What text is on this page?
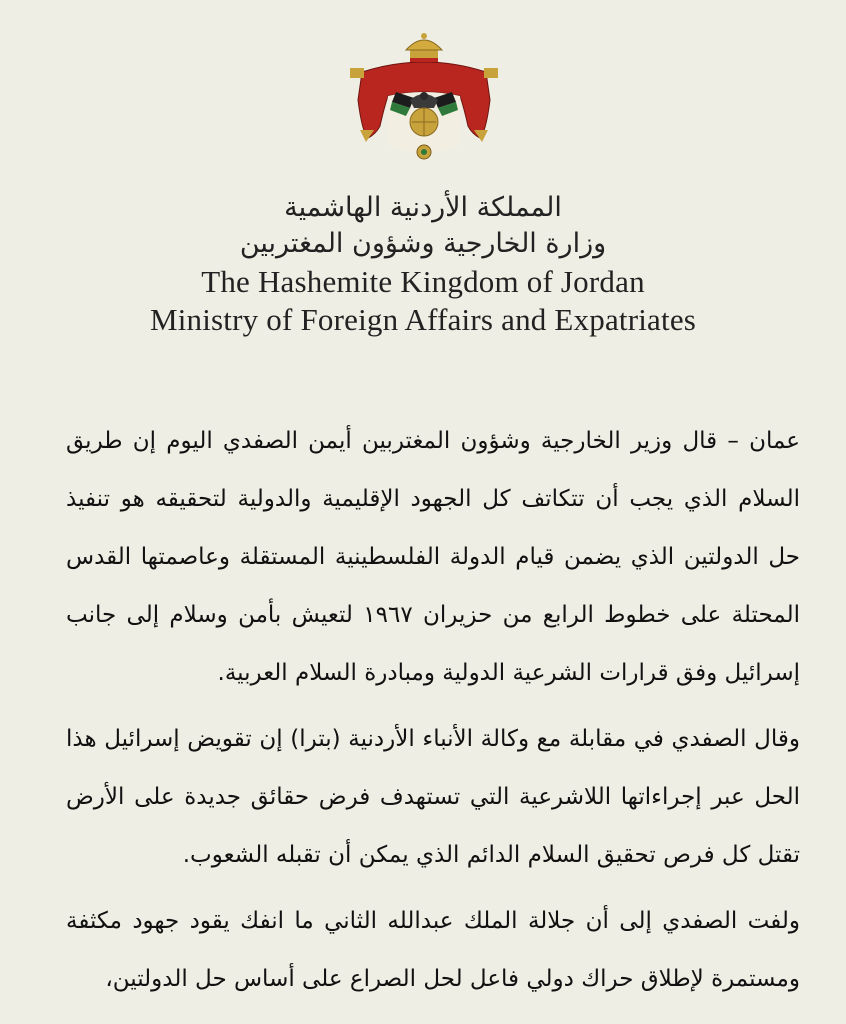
المملكة الأردنية الهاشمية
وزارة الخارجية وشؤون المغتربين
The Hashemite Kingdom of Jordan
Ministry of Foreign Affairs and Expatriates

عمان – قال وزير الخارجية وشؤون المغتربين أيمن الصفدي اليوم إن طريق السلام الذي يجب أن تتكاتف كل الجهود الإقليمية والدولية لتحقيقه هو تنفيذ حل الدولتين الذي يضمن قيام الدولة الفلسطينية المستقلة وعاصمتها القدس المحتلة على خطوط الرابع من حزيران ١٩٦٧ لتعيش بأمن وسلام إلى جانب إسرائيل وفق قرارات الشرعية الدولية ومبادرة السلام العربية.

وقال الصفدي في مقابلة مع وكالة الأنباء الأردنية (بترا) إن تقويض إسرائيل هذا الحل عبر إجراءاتها اللاشرعية التي تستهدف فرض حقائق جديدة على الأرض تقتل كل فرص تحقيق السلام الدائم الذي يمكن أن تقبله الشعوب.

ولفت الصفدي إلى أن جلالة الملك عبدالله الثاني ما انفك يقود جهود مكثفة ومستمرة لإطلاق حراك دولي فاعل لحل الصراع على أساس حل الدولتين،
